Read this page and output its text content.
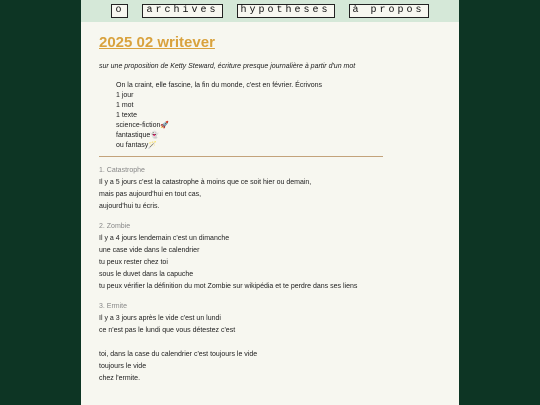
o	archives	hypotheses	à propos
2025 02 writever
sur une proposition de Ketty Steward, écriture presque journalière à partir d'un mot
On la craint, elle fascine, la fin du monde, c'est en février. Écrivons
1 jour
1 mot
1 texte
science-fiction🚀
fantastique👻
ou fantasy🪄
1. Catastrophe
Il y a 5 jours c'est la catastrophe à moins que ce soit hier ou demain,
mais pas aujourd'hui en tout cas,
aujourd'hui tu écris.
2. Zombie
Il y a 4 jours lendemain c'est un dimanche
une case vide dans le calendrier
tu peux rester chez toi
sous le duvet dans la capuche
tu peux vérifier la définition du mot Zombie sur wikipédia et te perdre dans ses liens
3. Ermite
Il y a 3 jours après le vide c'est un lundi
ce n'est pas le lundi que vous détestez c'est
toi, dans la case du calendrier c'est toujours le vide
toujours le vide
chez l'ermite.
